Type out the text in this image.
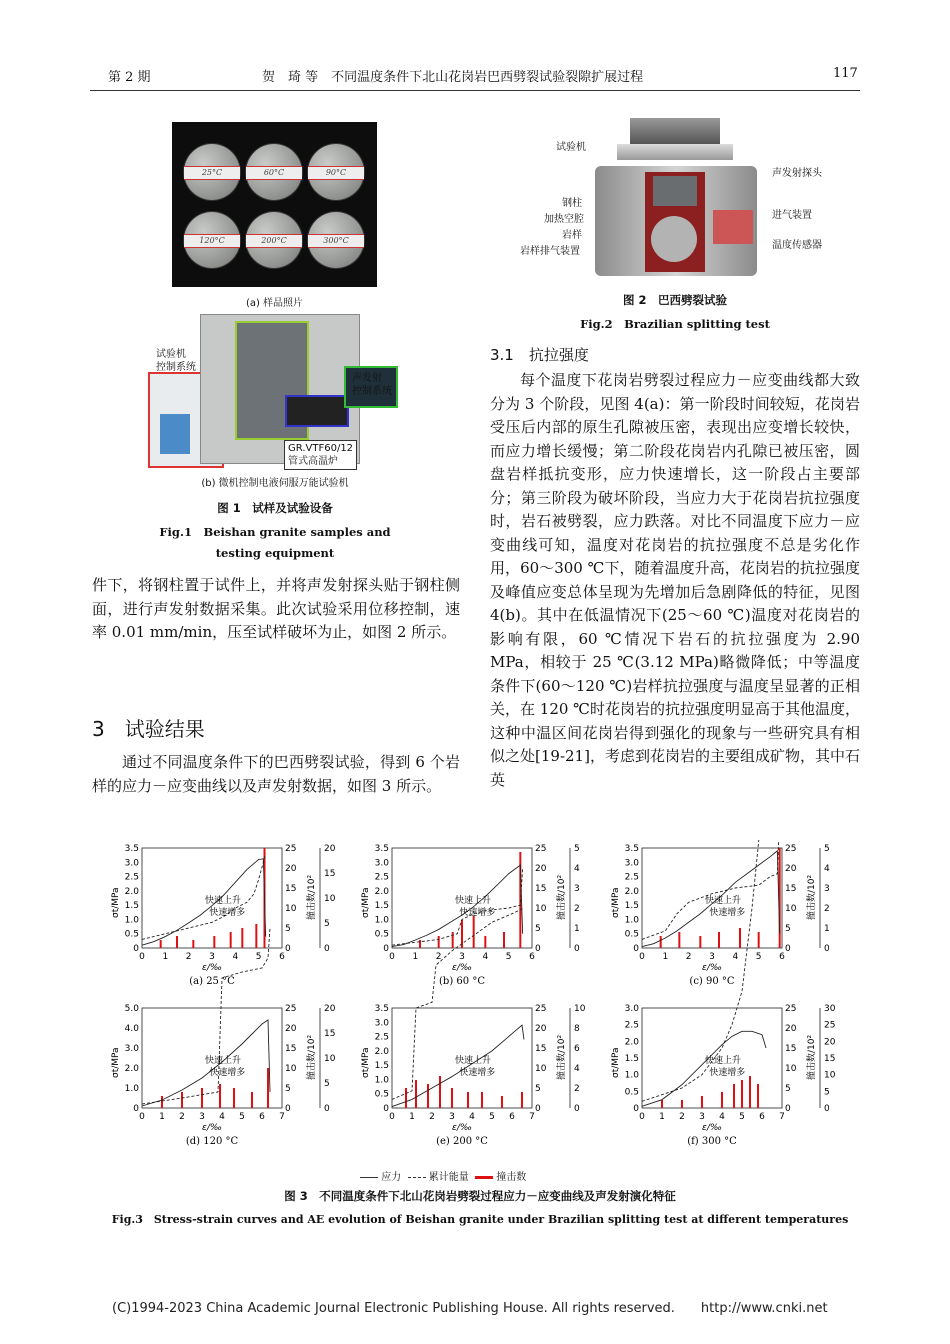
第 2 期	贺　琦 等　不同温度条件下北山花岗岩巴西劈裂试验裂隙扩展过程	117
25°C	60°C	90°C
120°C	200°C	300°C
(a) 样品照片
试验机
控制系统
声发射
控制系统
GR.VTF60/12
管式高温炉
(b) 微机控制电液伺服万能试验机
图 1　试样及试验设备
Fig.1　Beishan granite samples and
testing equipment
试验机
钢柱
加热空腔
岩样
岩样排气装置
声发射探头
进气装置
温度传感器
图 2　巴西劈裂试验
Fig.2　Brazilian splitting test

件下，将钢柱置于试件上，并将声发射探头贴于钢柱侧面，进行声发射数据采集。此次试验采用位移控制，速率 0.01 mm/min，压至试样破坏为止，如图 2 所示。

3　试验结果

通过不同温度条件下的巴西劈裂试验，得到 6 个岩样的应力－应变曲线以及声发射数据，如图 3 所示。

3.1　抗拉强度

每个温度下花岗岩劈裂过程应力－应变曲线都大致分为 3 个阶段，见图 4(a)：第一阶段时间较短，花岗岩受压后内部的原生孔隙被压密，表现出应变增长较快，而应力增长缓慢；第二阶段花岗岩内孔隙已被压密，圆盘岩样抵抗变形，应力快速增长，这一阶段占主要部分；第三阶段为破坏阶段，当应力大于花岗岩抗拉强度时，岩石被劈裂，应力跌落。对比不同温度下应力－应变曲线可知，温度对花岗岩的抗拉强度不总是劣化作用，60～300 ℃下，随着温度升高，花岗岩的抗拉强度及峰值应变总体呈现为先增加后急剧降低的特征，见图 4(b)。其中在低温情况下(25～60 ℃)温度对花岗岩的影响有限，60 ℃情况下岩石的抗拉强度为 2.90 MPa，相较于 25 ℃(3.12 MPa)略微降低；中等温度条件下(60～120 ℃)岩样抗拉强度与温度呈显著的正相关，在 120 ℃时花岗岩的抗拉强度明显高于其他温度，这种中温区间花岗岩得到强化的现象与一些研究具有相似之处[19-21]，考虑到花岗岩的主要组成矿物，其中石英

0
0.5
1.0
1.5
2.0
2.5
3.0
3.5
0
5
10
15
20
25
0
5
10
15
20
0 1 2 3 4 5 6
ε/‰
(a) 25 °C
σt/MPa	撞击数/10²
快速上升
快速增多
0
0.5
1.0
1.5
2.0
2.5
3.0
3.5
0
5
10
15
20
25
0
1
2
3
4
5
0 1 2 3 4 5 6
ε/‰
(b) 60 °C
σt/MPa	撞击数/10²
快速上升
快速增多
0
0.5
1.0
1.5
2.0
2.5
3.0
3.5
0
5
10
15
20
25
0
1
2
3
4
5
0 1 2 3 4 5 6
ε/‰
(c) 90 °C
σt/MPa	撞击数/10²
快速上升
快速增多
0
1.0
2.0
3.0
4.0
5.0
0
5
10
15
20
25
0
5
10
15
20
0 1 2 3 4 5 6 7
ε/‰
(d) 120 °C
σt/MPa	撞击数/10²
快速上升
快速增多
0
0.5
1.0
1.5
2.0
2.5
3.0
3.5
0
5
10
15
20
25
0
2
4
6
8
10
0 1 2 3 4 5 6 7
ε/‰
(e) 200 °C
σt/MPa	撞击数/10²
快速上升
快速增多
0
0.5
1.0
1.5
2.0
2.5
3.0
0
5
10
15
20
25
0
5
10
15
20
25
30
0 1 2 3 4 5 6 7
ε/‰
(f) 300 °C
σt/MPa	撞击数/10²
快速上升
快速增多
应力	累计能量	撞击数
图 3　不同温度条件下北山花岗岩劈裂过程应力－应变曲线及声发射演化特征
Fig.3　Stress-strain curves and AE evolution of Beishan granite under Brazilian splitting test at different temperatures
(C)1994-2023 China Academic Journal Electronic Publishing House. All rights reserved.　　http://www.cnki.net
